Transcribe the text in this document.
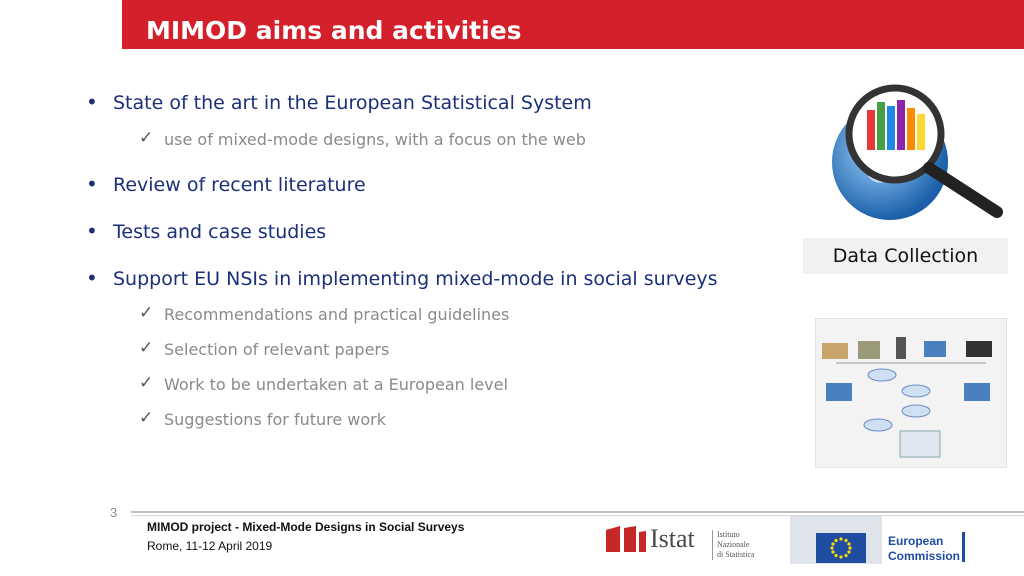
MIMOD aims and activities
• State of the art in the European Statistical System
✓ use of mixed-mode designs, with a focus on the web
• Review of recent literature
• Tests and case studies
• Support EU NSIs in implementing mixed-mode in social surveys
✓ Recommendations and practical guidelines
✓ Selection of relevant papers
✓ Work to be undertaken at a European level
✓ Suggestions for future work
Data Collection
3
MIMOD project - Mixed-Mode Designs in Social Surveys
Rome, 11-12 April 2019	Istat	Istituto Nazionale
di Statistica
European
Commission
